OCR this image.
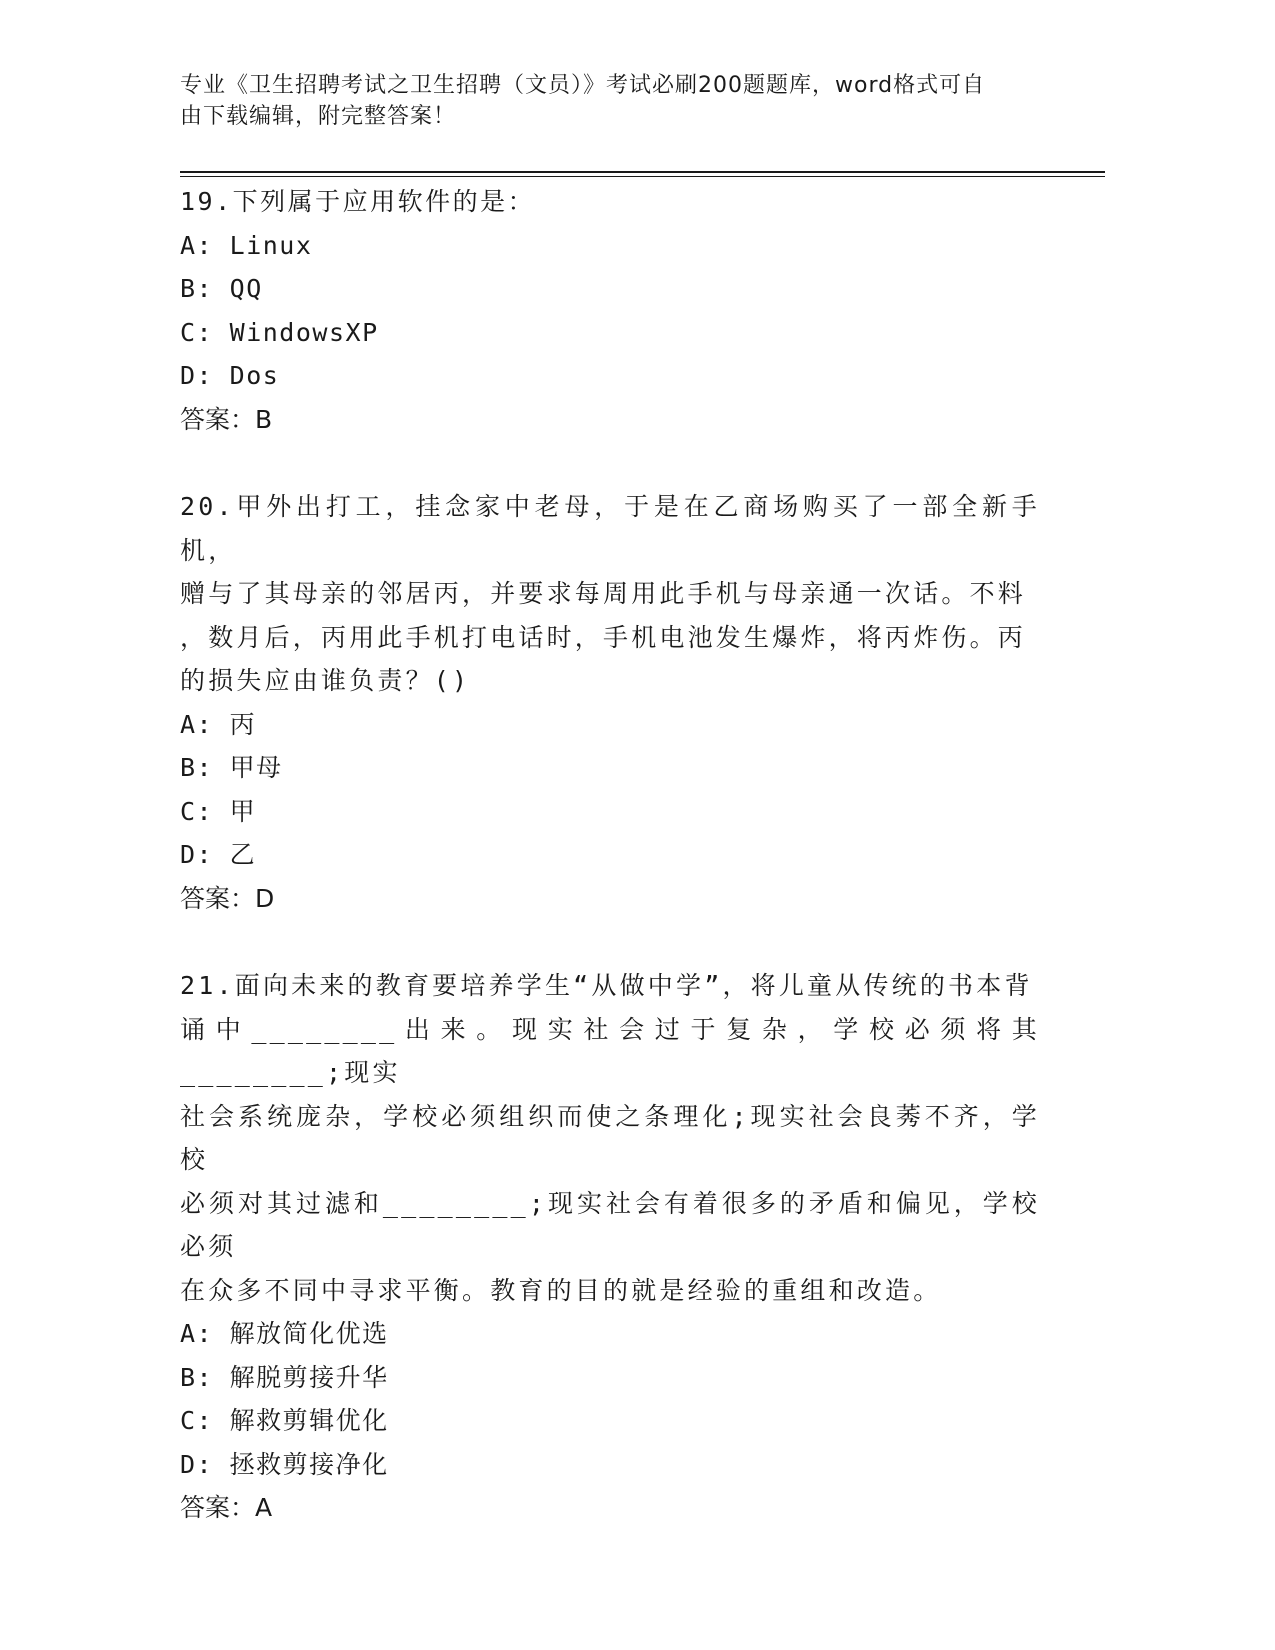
专业《卫生招聘考试之卫生招聘（文员）》考试必刷200题题库，word格式可自
由下载编辑，附完整答案！

19.下列属于应用软件的是：

A: Linux

B: QQ

C: WindowsXP

D: Dos

答案：B

20.甲外出打工，挂念家中老母，于是在乙商场购买了一部全新手机，

赠与了其母亲的邻居丙，并要求每周用此手机与母亲通一次话。不料

，数月后，丙用此手机打电话时，手机电池发生爆炸，将丙炸伤。丙

的损失应由谁负责？()

A: 丙

B: 甲母

C: 甲

D: 乙

答案：D

21.面向未来的教育要培养学生“从做中学”，将儿童从传统的书本背

诵中________出来。现实社会过于复杂，学校必须将其________;现实

社会系统庞杂，学校必须组织而使之条理化;现实社会良莠不齐，学校

必须对其过滤和________;现实社会有着很多的矛盾和偏见，学校必须

在众多不同中寻求平衡。教育的目的就是经验的重组和改造。

A: 解放简化优选

B: 解脱剪接升华

C: 解救剪辑优化

D: 拯救剪接净化

答案：A
